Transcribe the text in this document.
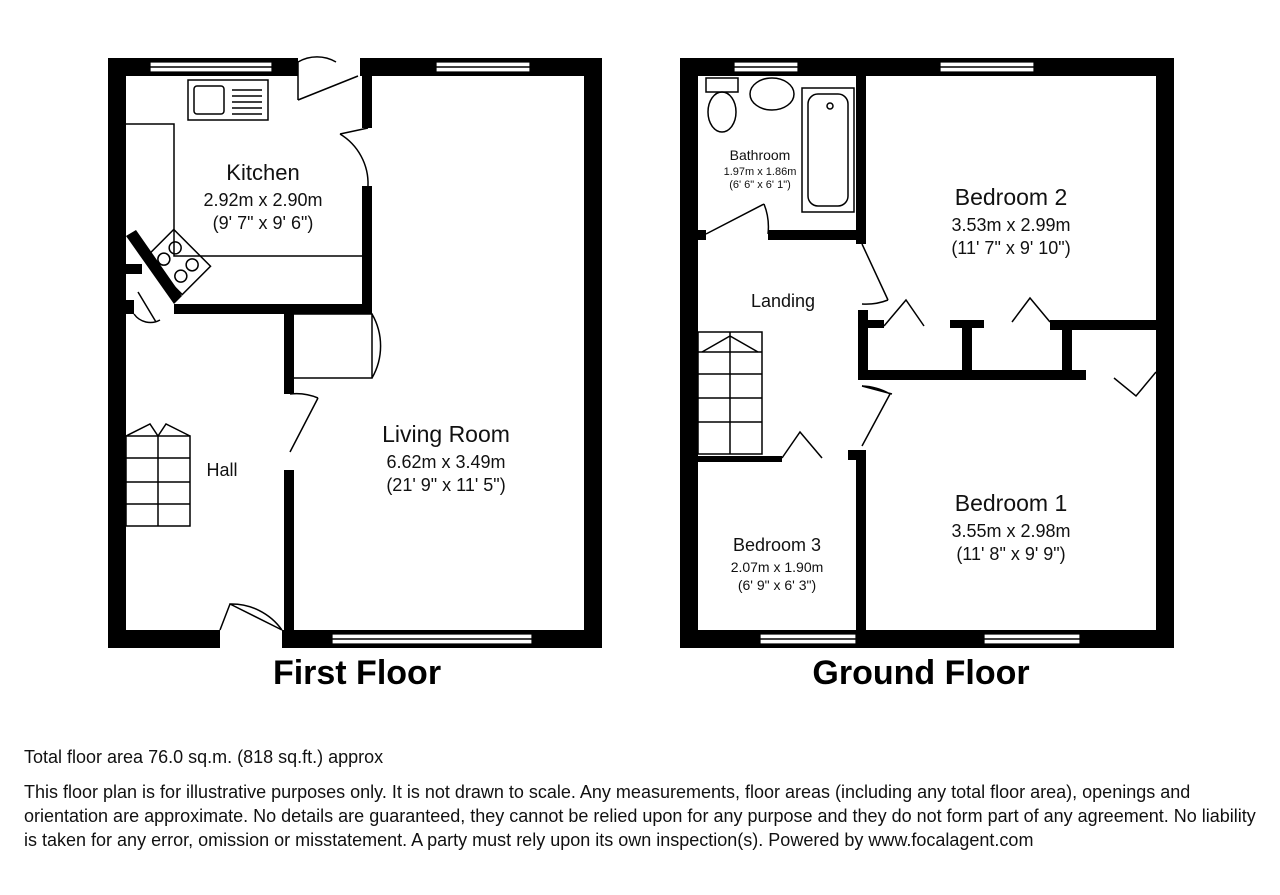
Kitchen
2.92m x 2.90m
(9' 7" x 9' 6")
Living Room
6.62m x 3.49m
(21' 9" x 11' 5")
Hall
First Floor
Bathroom
1.97m x 1.86m
(6' 6" x 6' 1")	Bedroom 2
3.53m x 2.99m
(11' 7" x 9' 10")
Landing
Bedroom 1
3.55m x 2.98m
(11' 8" x 9' 9")
Bedroom 3
2.07m x 1.90m
(6' 9" x 6' 3")
Ground Floor
Total floor area 76.0 sq.m. (818 sq.ft.) approx
This floor plan is for illustrative purposes only. It is not drawn to scale. Any measurements, floor areas (including any total floor area), openings and orientation are approximate. No details are guaranteed, they cannot be relied upon for any purpose and they do not form part of any agreement. No liability is taken for any error, omission or misstatement. A party must rely upon its own inspection(s). Powered by www.focalagent.com
